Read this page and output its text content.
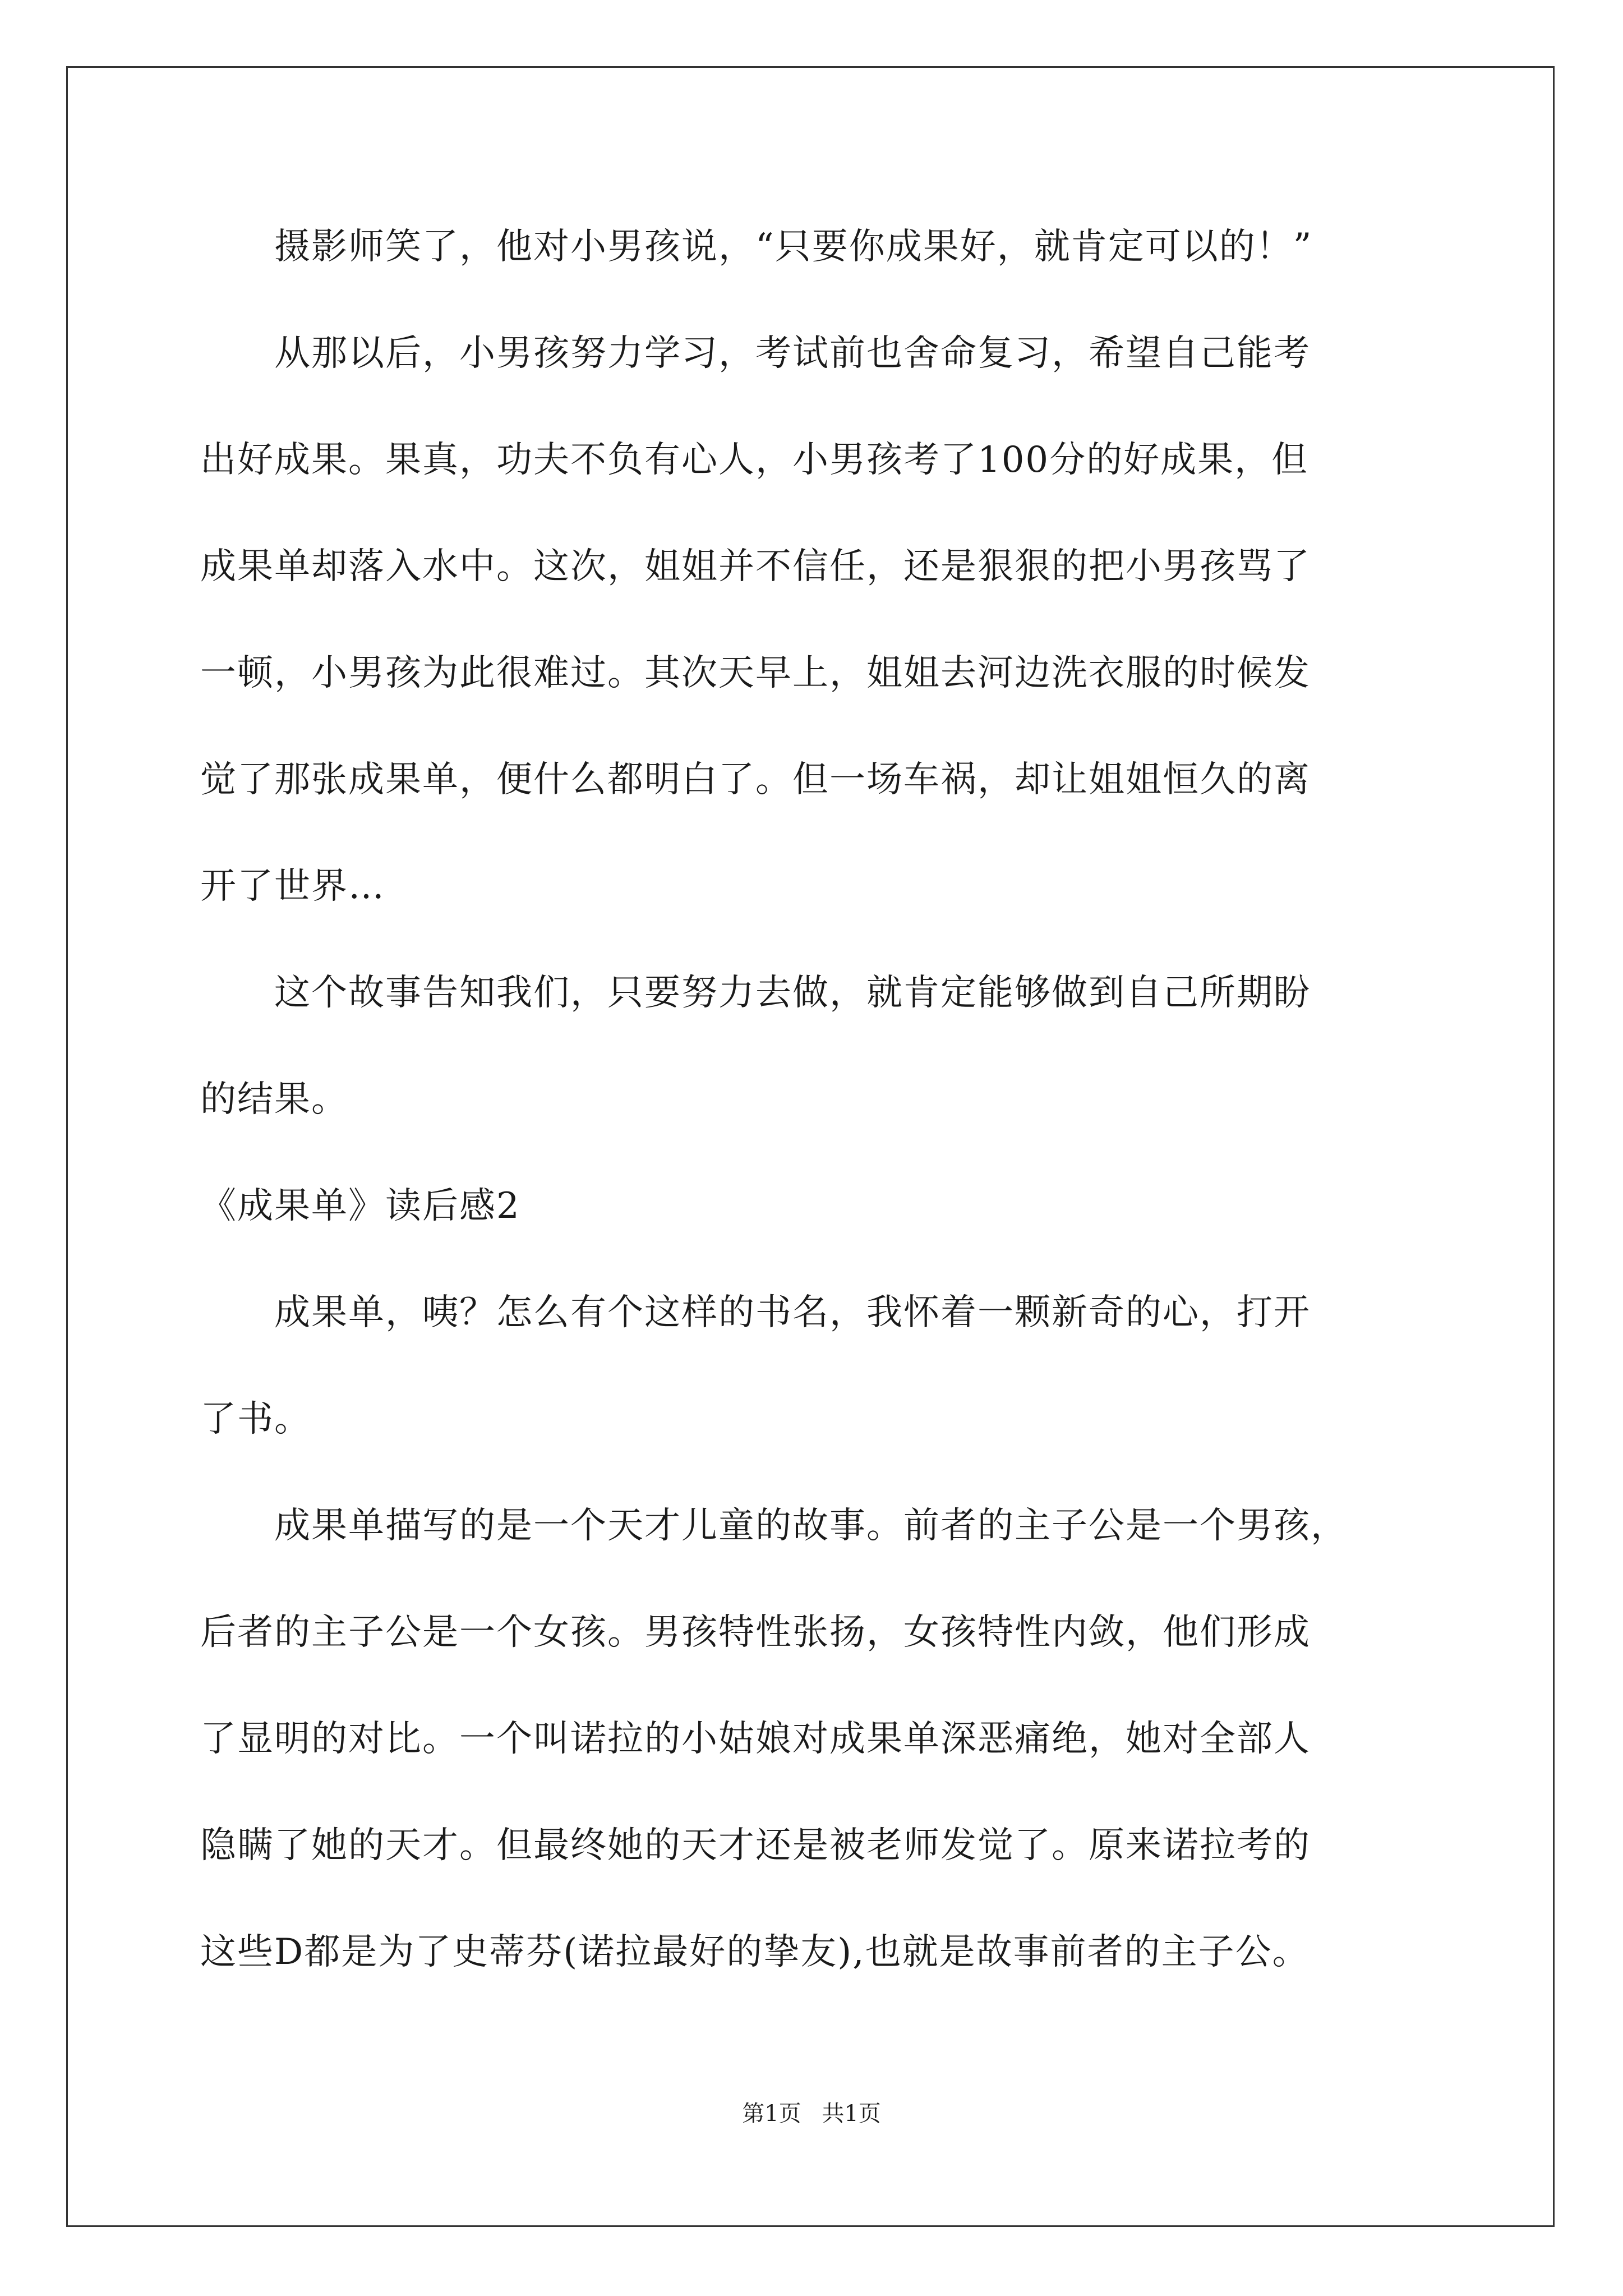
　　摄影师笑了，他对小男孩说，“只要你成果好，就肯定可以的！”
　　从那以后，小男孩努力学习，考试前也舍命复习，希望自己能考
出好成果。果真，功夫不负有心人，小男孩考了100分的好成果，但
成果单却落入水中。这次，姐姐并不信任，还是狠狠的把小男孩骂了
一顿，小男孩为此很难过。其次天早上，姐姐去河边洗衣服的时候发
觉了那张成果单，便什么都明白了。但一场车祸，却让姐姐恒久的离
开了世界…
　　这个故事告知我们，只要努力去做，就肯定能够做到自己所期盼
的结果。
《成果单》读后感2
　　成果单，咦？怎么有个这样的书名，我怀着一颗新奇的心，打开
了书。
　　成果单描写的是一个天才儿童的故事。前者的主子公是一个男孩，
后者的主子公是一个女孩。男孩特性张扬，女孩特性内敛，他们形成
了显明的对比。一个叫诺拉的小姑娘对成果单深恶痛绝，她对全部人
隐瞒了她的天才。但最终她的天才还是被老师发觉了。原来诺拉考的
这些D都是为了史蒂芬(诺拉最好的挚友),也就是故事前者的主子公。
第1页 共1页
